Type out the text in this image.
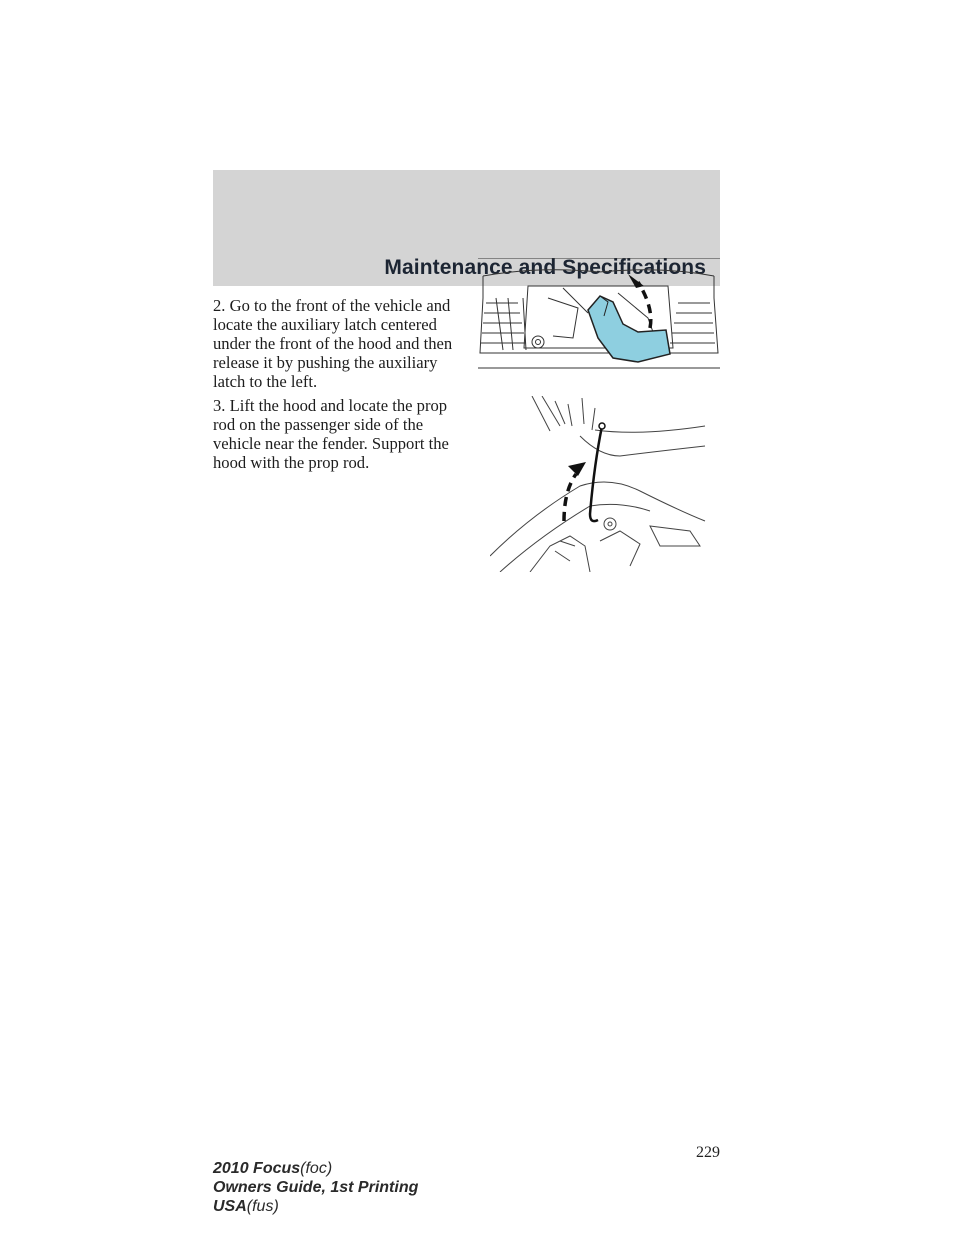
Maintenance and Specifications
2. Go to the front of the vehicle and locate the auxiliary latch centered under the front of the hood and then release it by pushing the auxiliary latch to the left.
3. Lift the hood and locate the prop rod on the passenger side of the vehicle near the fender. Support the hood with the prop rod.
229
2010 Focus(foc)
Owners Guide, 1st Printing
USA(fus)
